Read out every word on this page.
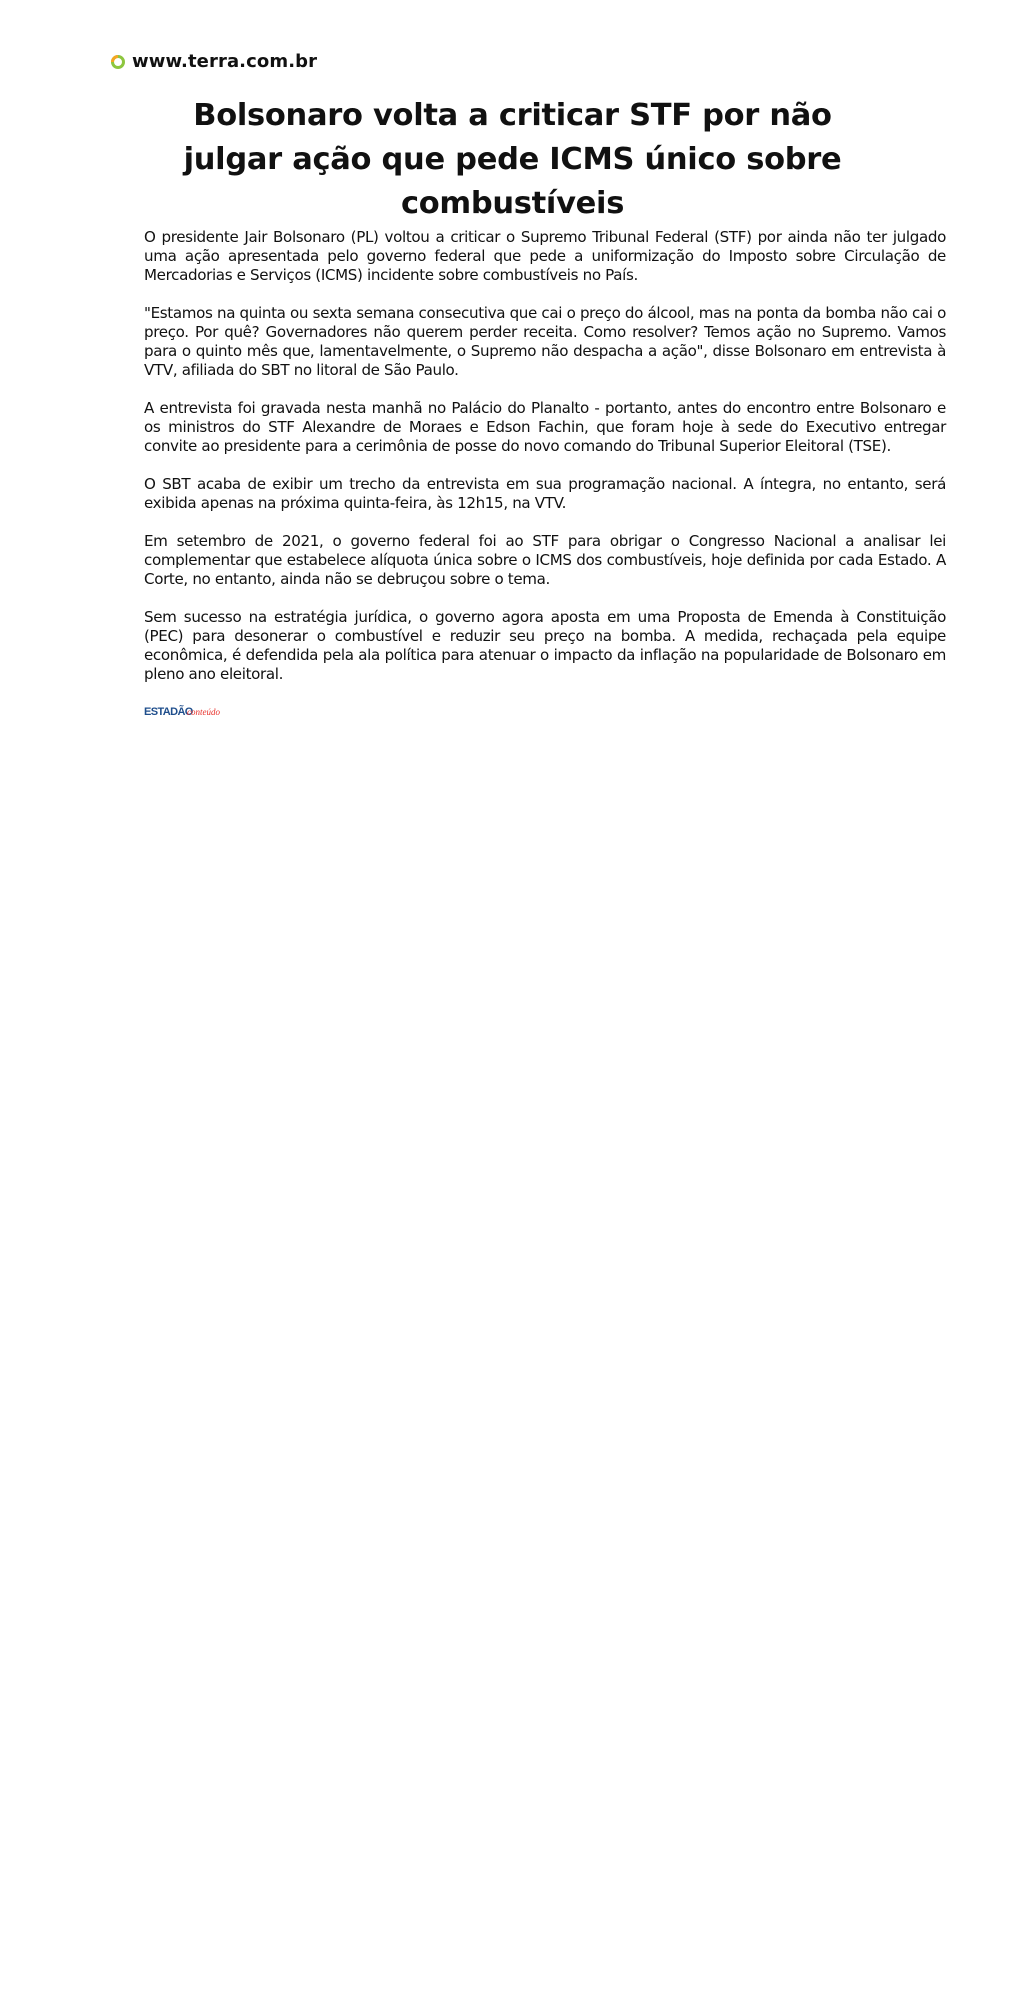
www.terra.com.br
Bolsonaro volta a criticar STF por não julgar ação que pede ICMS único sobre combustíveis

O presidente Jair Bolsonaro (PL) voltou a criticar o Supremo Tribunal Federal (STF) por ainda não ter julgado uma ação apresentada pelo governo federal que pede a uniformização do Imposto sobre Circulação de Mercadorias e Serviços (ICMS) incidente sobre combustíveis no País.

"Estamos na quinta ou sexta semana consecutiva que cai o preço do álcool, mas na ponta da bomba não cai o preço. Por quê? Governadores não querem perder receita. Como resolver? Temos ação no Supremo. Vamos para o quinto mês que, lamentavelmente, o Supremo não despacha a ação", disse Bolsonaro em entrevista à VTV, afiliada do SBT no litoral de São Paulo.

A entrevista foi gravada nesta manhã no Palácio do Planalto - portanto, antes do encontro entre Bolsonaro e os ministros do STF Alexandre de Moraes e Edson Fachin, que foram hoje à sede do Executivo entregar convite ao presidente para a cerimônia de posse do novo comando do Tribunal Superior Eleitoral (TSE).

O SBT acaba de exibir um trecho da entrevista em sua programação nacional. A íntegra, no entanto, será exibida apenas na próxima quinta-feira, às 12h15, na VTV.

Em setembro de 2021, o governo federal foi ao STF para obrigar o Congresso Nacional a analisar lei complementar que estabelece alíquota única sobre o ICMS dos combustíveis, hoje definida por cada Estado. A Corte, no entanto, ainda não se debruçou sobre o tema.

Sem sucesso na estratégia jurídica, o governo agora aposta em uma Proposta de Emenda à Constituição (PEC) para desonerar o combustível e reduzir seu preço na bomba. A medida, rechaçada pela equipe econômica, é defendida pela ala política para atenuar o impacto da inflação na popularidade de Bolsonaro em pleno ano eleitoral.

ESTADÃO
conteúdo
